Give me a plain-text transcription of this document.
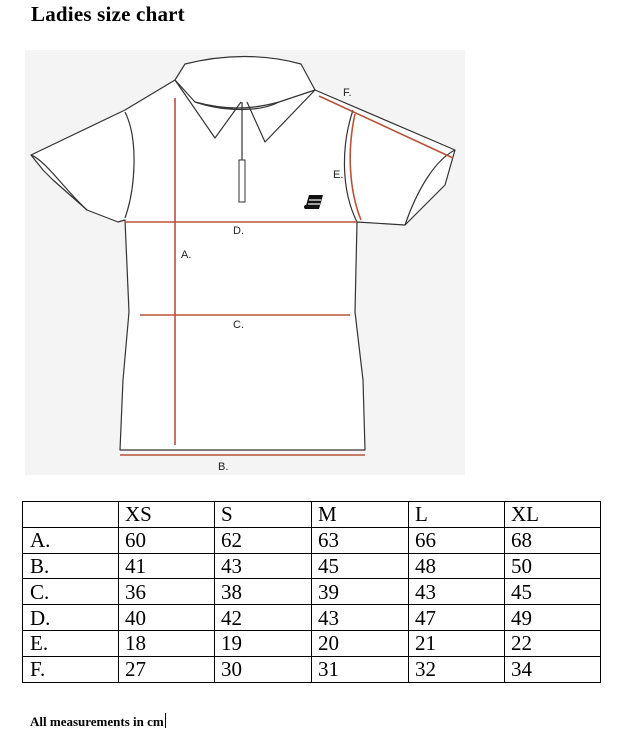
Ladies size chart
A.
B.
C.
D.
E.
F.
	XS	S	M	L	XL
A.	60	62	63	66	68
B.	41	43	45	48	50
C.	36	38	39	43	45
D.	40	42	43	47	49
E.	18	19	20	21	22
F.	27	30	31	32	34
All measurements in cm
